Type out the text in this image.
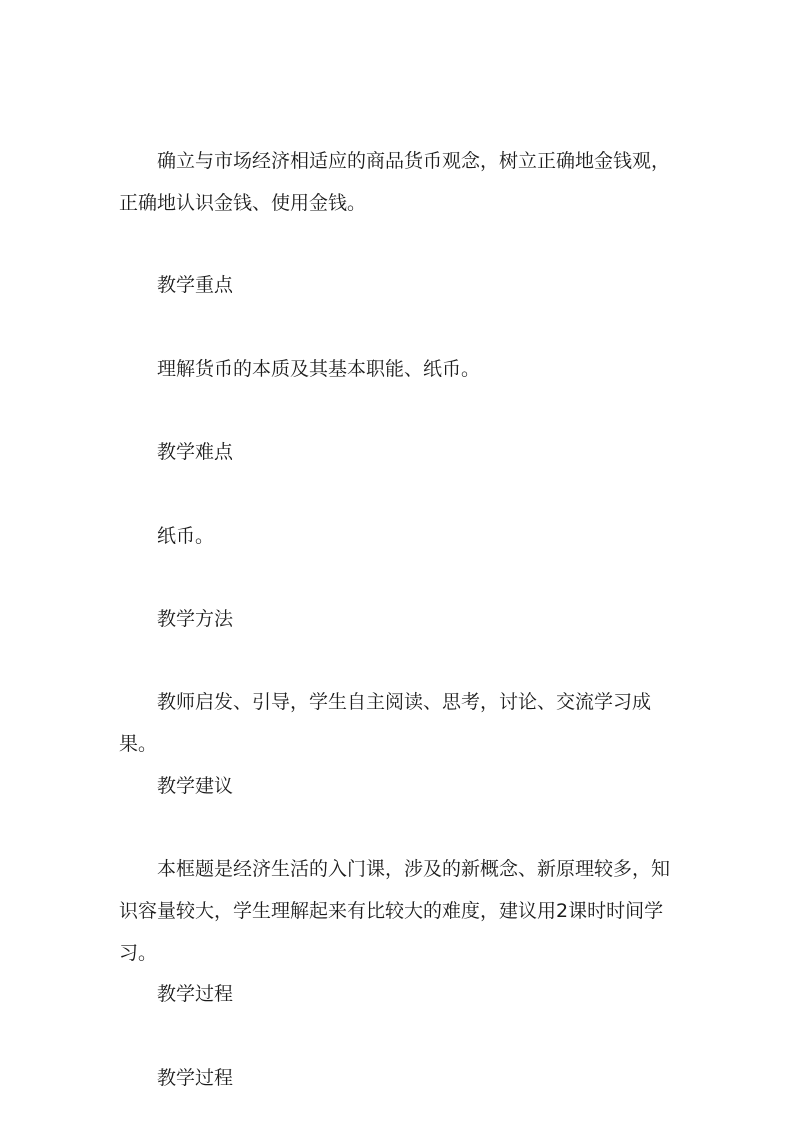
确立与市场经济相适应的商品货币观念，树立正确地金钱观，正确地认识金钱、使用金钱。

教学重点

理解货币的本质及其基本职能、纸币。

教学难点

纸币。

教学方法

教师启发、引导，学生自主阅读、思考，讨论、交流学习成果。

教学建议

本框题是经济生活的入门课，涉及的新概念、新原理较多，知识容量较大，学生理解起来有比较大的难度，建议用2课时时间学习。

教学过程

教学过程
